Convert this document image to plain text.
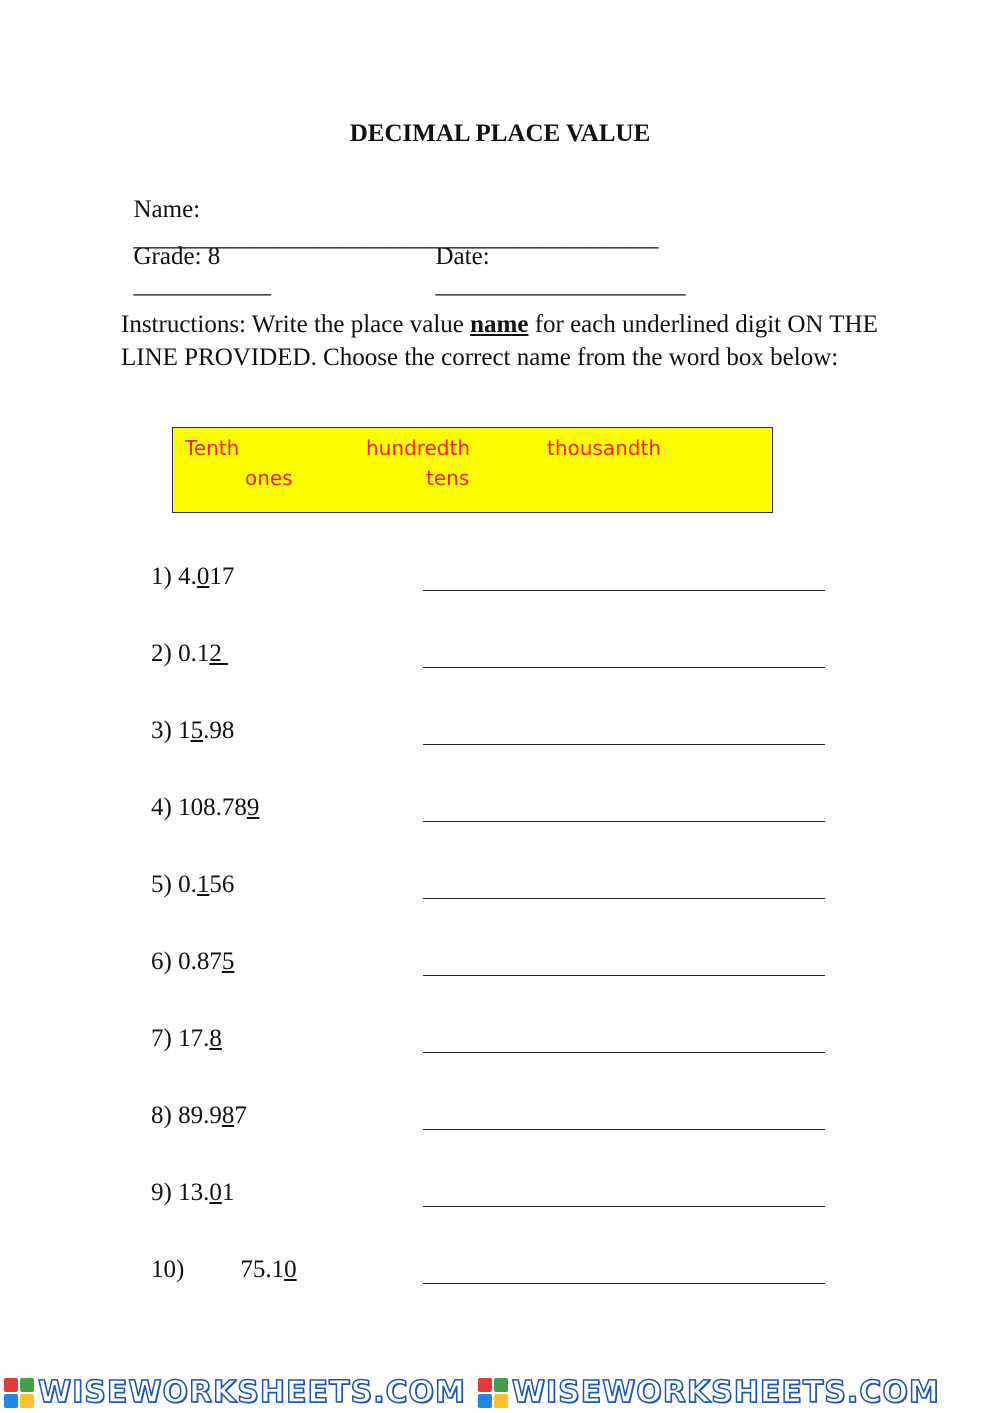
DECIMAL PLACE VALUE

Name:
__________________________________________

Grade: 8
___________

Date:
____________________

Instructions: Write the place value name for each underlined digit ON THE LINE PROVIDED. Choose the correct name from the word box below:
Tenth	hundredth	thousandth
ones	tens
1) 4.017
2) 0.12
3) 15.98
4) 108.789
5) 0.156
6) 0.875
7) 17.8
8) 89.987
9) 13.01
10) 75.10
WISEWORKSHEETS.COM WISEWORKSHEETS.COM
